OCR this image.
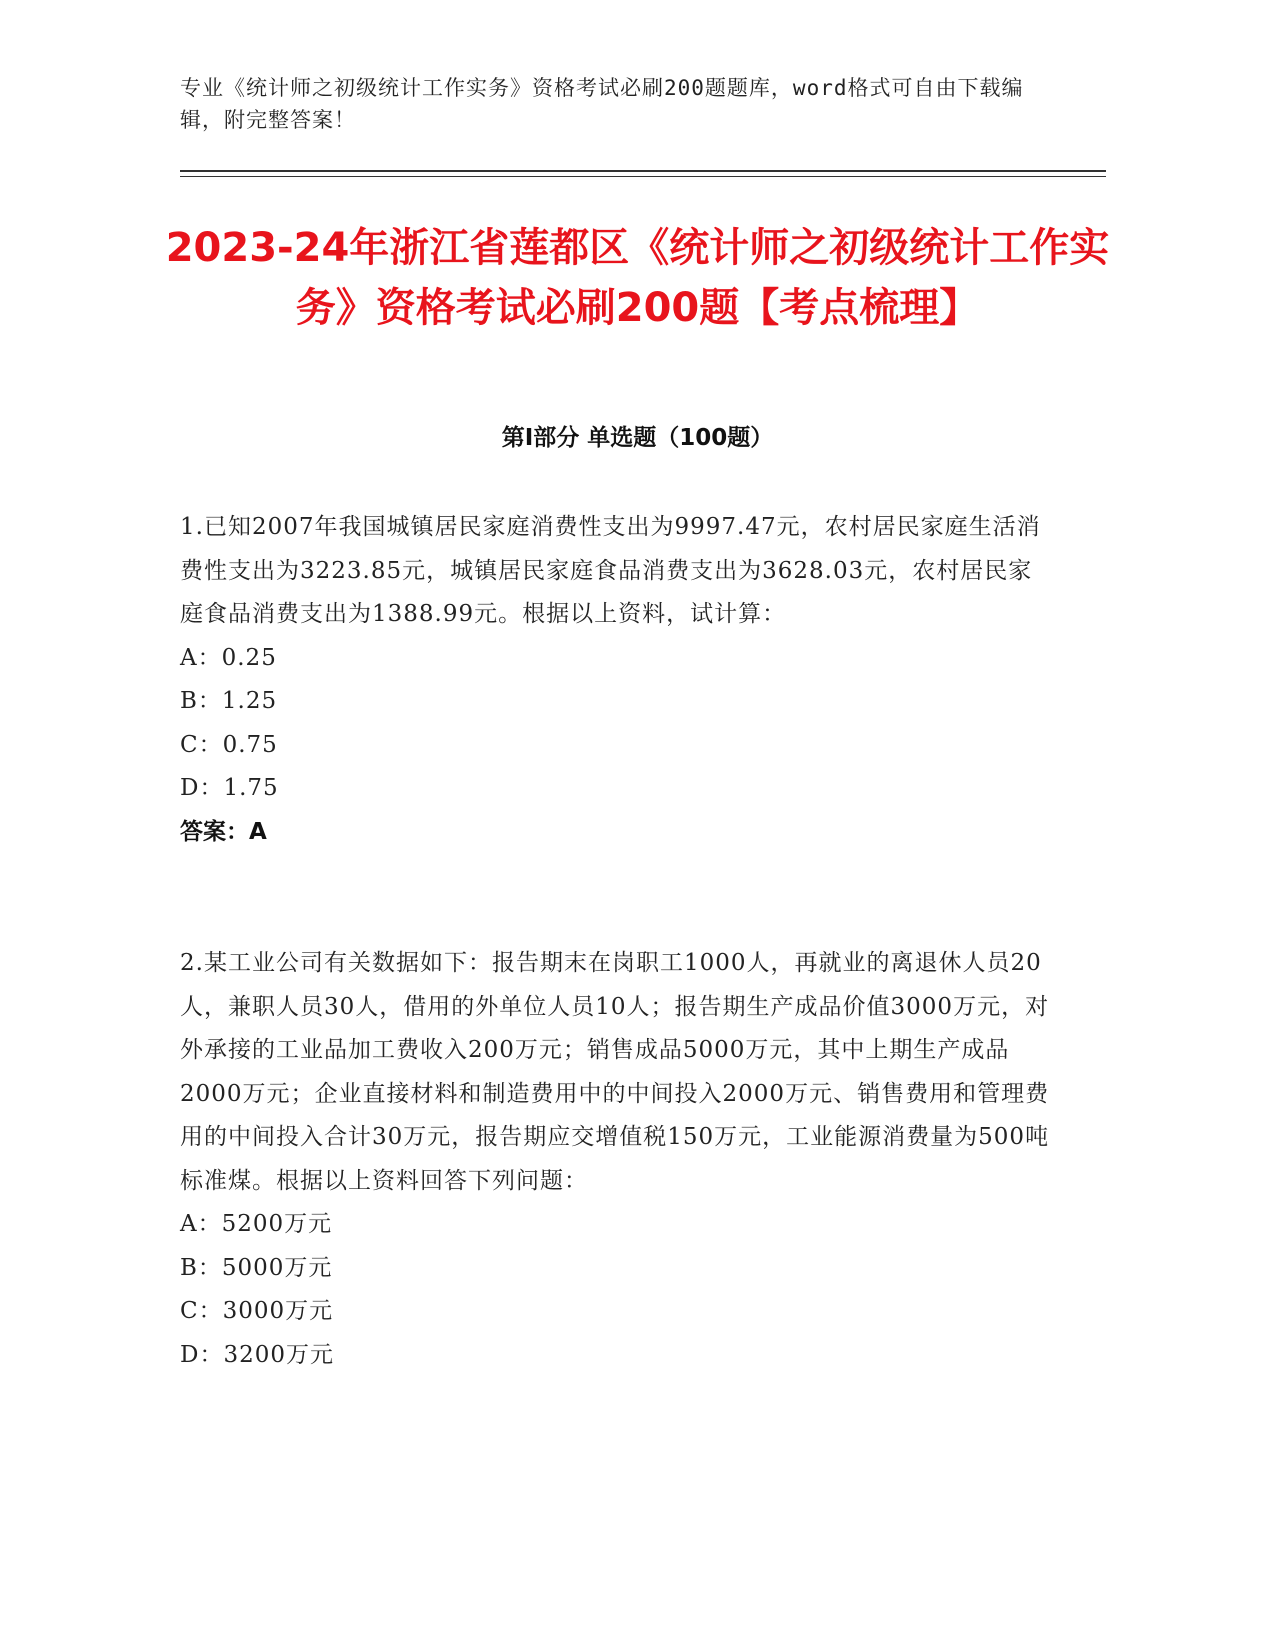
专业《统计师之初级统计工作实务》资格考试必刷200题题库，word格式可自由下载编辑，附完整答案！
2023-24年浙江省莲都区《统计师之初级统计工作实务》资格考试必刷200题【考点梳理】
第I部分 单选题（100题）
1.已知2007年我国城镇居民家庭消费性支出为9997.47元，农村居民家庭生活消费性支出为3223.85元，城镇居民家庭食品消费支出为3628.03元，农村居民家庭食品消费支出为1388.99元。根据以上资料，试计算：
A：0.25
B：1.25
C：0.75
D：1.75
答案：A
2.某工业公司有关数据如下：报告期末在岗职工1000人，再就业的离退休人员20人，兼职人员30人，借用的外单位人员10人；报告期生产成品价值3000万元，对外承接的工业品加工费收入200万元；销售成品5000万元，其中上期生产成品2000万元；企业直接材料和制造费用中的中间投入2000万元、销售费用和管理费用的中间投入合计30万元，报告期应交增值税150万元，工业能源消费量为500吨标准煤。根据以上资料回答下列问题：
A：5200万元
B：5000万元
C：3000万元
D：3200万元
